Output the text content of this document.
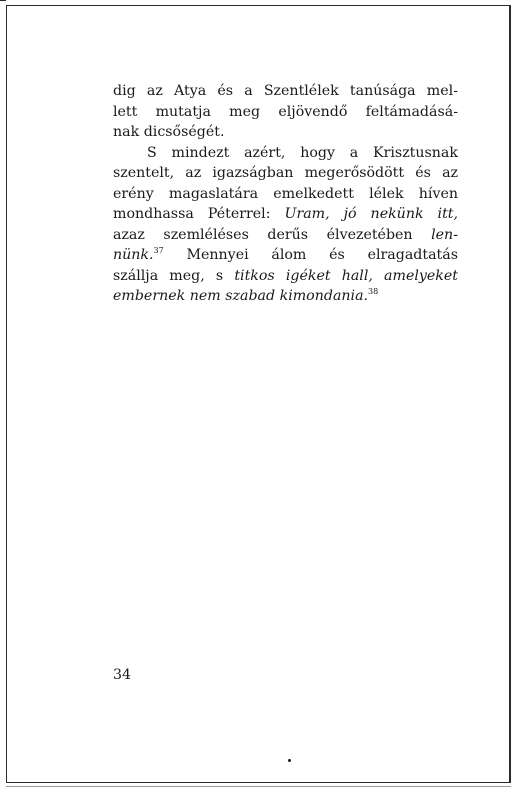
dig az Atya és a Szentlélek tanúsága mel-
lett mutatja meg eljövendő feltámadásá-
nak dicsőségét.

S mindezt azért, hogy a Krisztusnak
szentelt, az igazságban megerősödött és az
erény magaslatára emelkedett lélek híven
mondhassa Péterrel: Uram, jó nekünk itt,
azaz szemléléses derűs élvezetében len-
nünk.$^{37}$ Mennyei álom és elragadtatás
szállja meg, s titkos igéket hall, amelyeket
embernek nem szabad kimondania.$^{38}$

34
